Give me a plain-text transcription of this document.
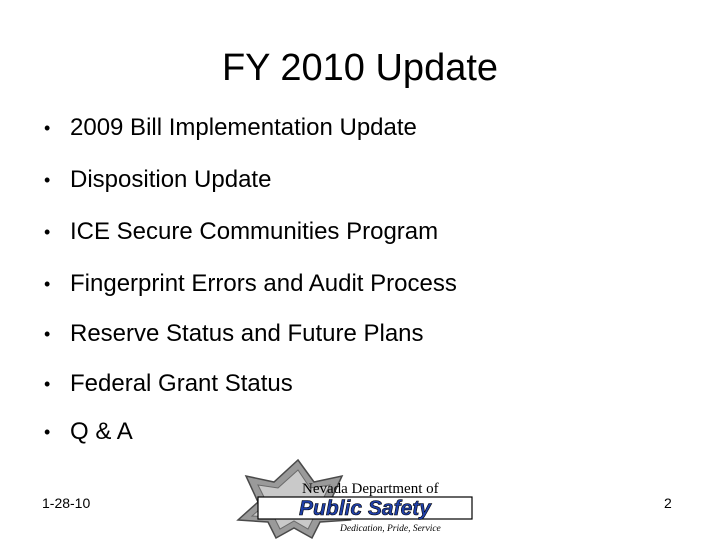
FY 2010 Update
• 2009 Bill Implementation Update
• Disposition Update
• ICE Secure Communities Program
• Fingerprint Errors and Audit Process
• Reserve Status and Future Plans
• Federal Grant Status
• Q & A
1-28-10	2
Nevada Department of
Public Safety
Dedication, Pride, Service
